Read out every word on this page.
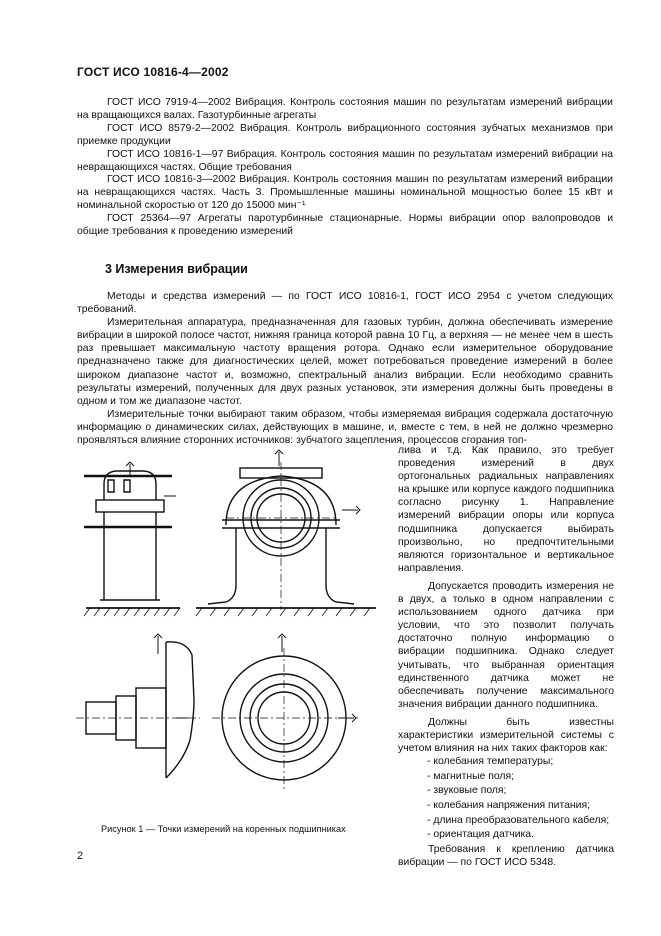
ГОСТ ИСО 10816-4—2002

ГОСТ ИСО 7919-4—2002 Вибрация. Контроль состояния машин по результатам измерений вибрации на вращающихся валах. Газотурбинные агрегаты

ГОСТ ИСО 8579-2—2002 Вибрация. Контроль вибрационного состояния зубчатых механизмов при приемке продукции

ГОСТ ИСО 10816-1—97 Вибрация. Контроль состояния машин по результатам измерений вибрации на невращающихся частях. Общие требования

ГОСТ ИСО 10816-3—2002 Вибрация. Контроль состояния машин по результатам измерений вибрации на невращающихся частях. Часть 3. Промышленные машины номинальной мощностью более 15 кВт и номинальной скоростью от 120 до 15000 мин⁻¹

ГОСТ 25364—97 Агрегаты паротурбинные стационарные. Нормы вибрации опор валопроводов и общие требования к проведению измерений

3 Измерения вибрации

Методы и средства измерений — по ГОСТ ИСО 10816-1, ГОСТ ИСО 2954 с учетом следующих требований.

Измерительная аппаратура, предназначенная для газовых турбин, должна обеспечивать измерение вибрации в широкой полосе частот, нижняя граница которой равна 10 Гц, а верхняя — не менее чем в шесть раз превышает максимальную частоту вращения ротора. Однако если измерительное оборудование предназначено также для диагностических целей, может потребоваться проведение измерений в более широком диапазоне частот и, возможно, спектральный анализ вибрации. Если необходимо сравнить результаты измерений, полученных для двух разных установок, эти измерения должны быть проведены в одном и том же диапазоне частот.

Измерительные точки выбирают таким образом, чтобы измеряемая вибрация содержала достаточную информацию о динамических силах, действующих в машине, и, вместе с тем, в ней не должно чрезмерно проявляться влияние сторонних источников: зубчатого зацепления, процессов сгорания топ-

Рисунок 1 — Точки измерений на коренных подшипниках

лива и т.д. Как правило, это требует проведения измерений в двух ортогональных радиальных направлениях на крышке или корпусе каждого подшипника согласно рисунку 1. Направление измерений вибрации опоры или корпуса подшипника допускается выбирать произвольно, но предпочтительными являются горизонтальное и вертикальное направления.

Допускается проводить измерения не в двух, а только в одном направлении с использованием одного датчика при условии, что это позволит получать достаточно полную информацию о вибрации подшипника. Однако следует учитывать, что выбранная ориентация единственного датчика может не обеспечивать получение максимального значения вибрации данного подшипника.

Должны быть известны характеристики измерительной системы с учетом влияния на них таких факторов как:

- колебания температуры;
- магнитные поля;
- звуковые поля;
- колебания напряжения питания;
- длина преобразовательного кабеля;
- ориентация датчика.

Требования к креплению датчика вибрации — по ГОСТ ИСО 5348.

2
